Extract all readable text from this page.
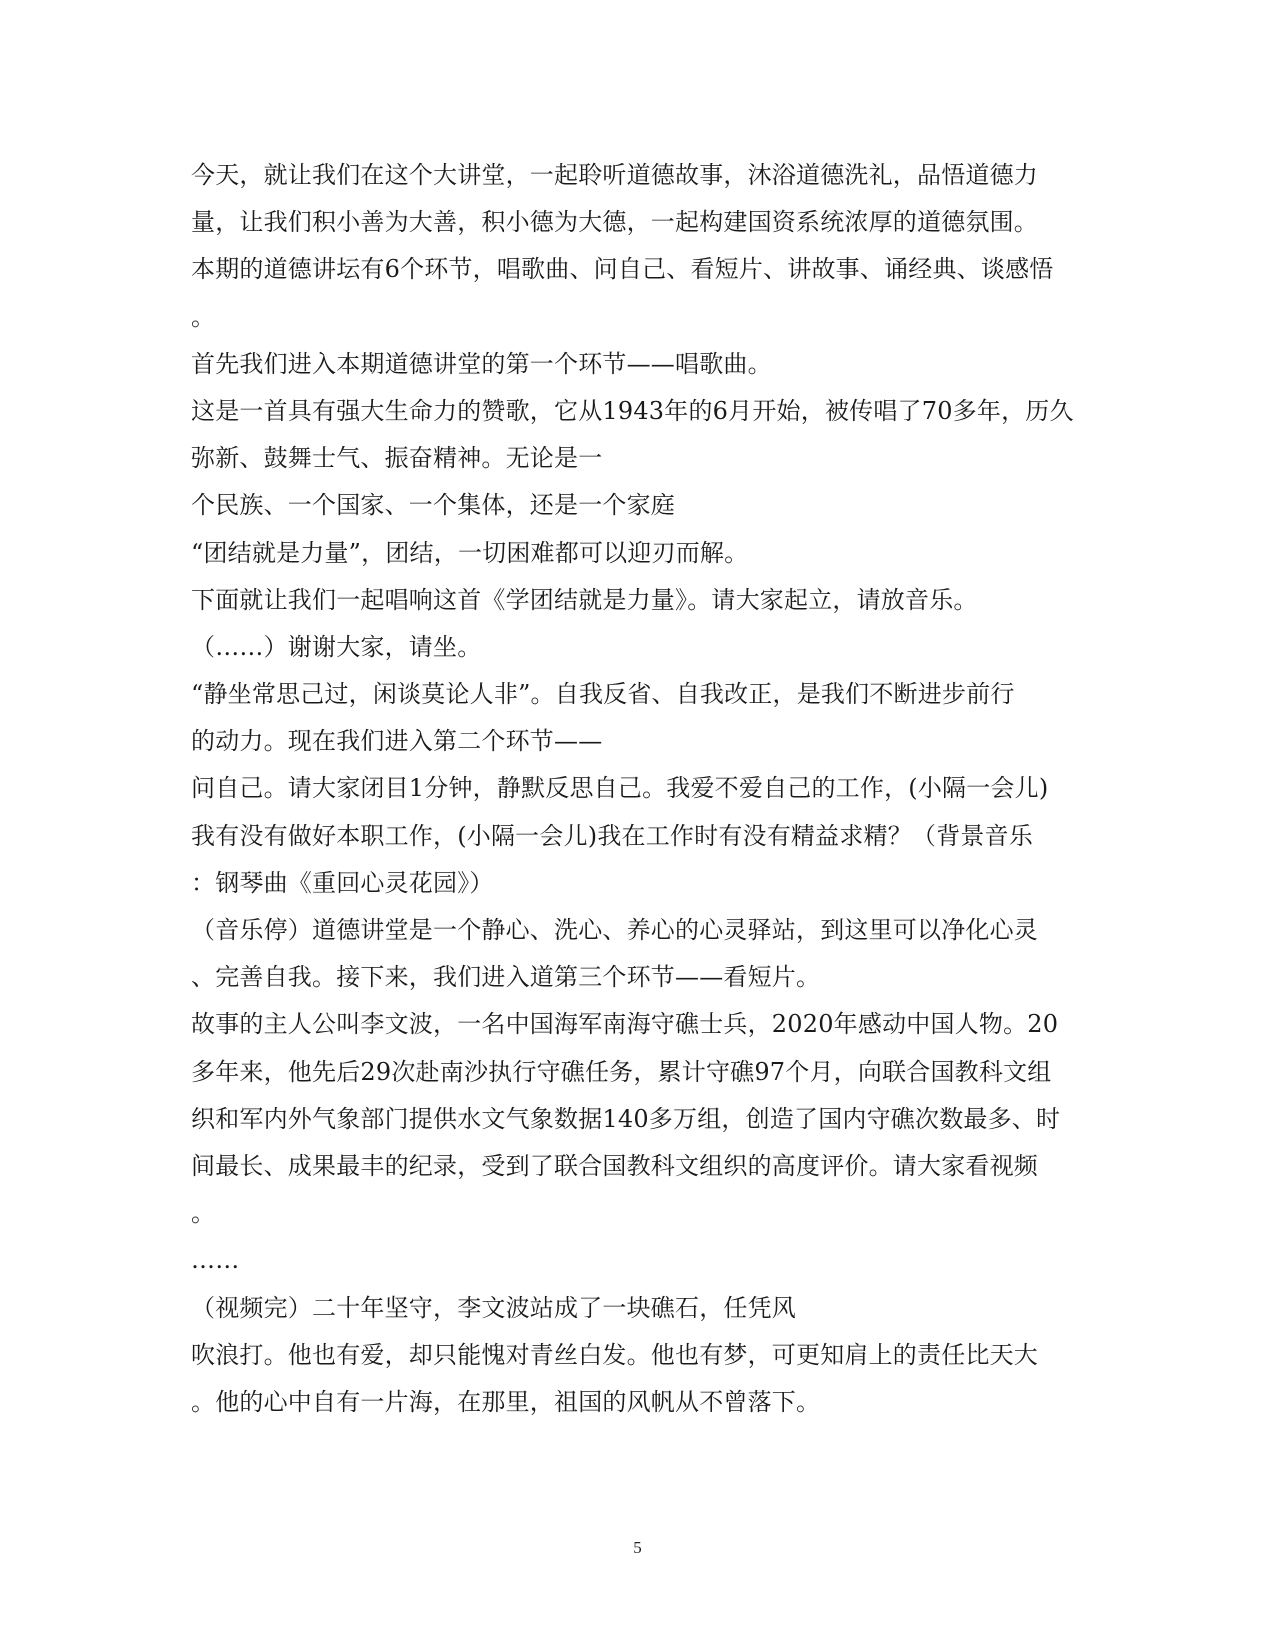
今天，就让我们在这个大讲堂，一起聆听道德故事，沐浴道德洗礼，品悟道德力
量，让我们积小善为大善，积小德为大德，一起构建国资系统浓厚的道德氛围。
本期的道德讲坛有6个环节，唱歌曲、问自己、看短片、讲故事、诵经典、谈感悟
。
首先我们进入本期道德讲堂的第一个环节——唱歌曲。
这是一首具有强大生命力的赞歌，它从1943年的6月开始，被传唱了70多年，历久
弥新、鼓舞士气、振奋精神。无论是一
个民族、一个国家、一个集体，还是一个家庭
“团结就是力量”，团结，一切困难都可以迎刃而解。
下面就让我们一起唱响这首《学团结就是力量》。请大家起立，请放音乐。
（……）谢谢大家，请坐。
“静坐常思己过，闲谈莫论人非”。自我反省、自我改正，是我们不断进步前行
的动力。现在我们进入第二个环节——
问自己。请大家闭目1分钟，静默反思自己。我爱不爱自己的工作，(小隔一会儿)
我有没有做好本职工作，(小隔一会儿)我在工作时有没有精益求精？（背景音乐
：钢琴曲《重回心灵花园》）
（音乐停）道德讲堂是一个静心、洗心、养心的心灵驿站，到这里可以净化心灵
、完善自我。接下来，我们进入道第三个环节——看短片。
故事的主人公叫李文波，一名中国海军南海守礁士兵，2020年感动中国人物。20
多年来，他先后29次赴南沙执行守礁任务，累计守礁97个月，向联合国教科文组
织和军内外气象部门提供水文气象数据140多万组，创造了国内守礁次数最多、时
间最长、成果最丰的纪录，受到了联合国教科文组织的高度评价。请大家看视频
。
……
（视频完）二十年坚守，李文波站成了一块礁石，任凭风
吹浪打。他也有爱，却只能愧对青丝白发。他也有梦，可更知肩上的责任比天大
。他的心中自有一片海，在那里，祖国的风帆从不曾落下。
5
